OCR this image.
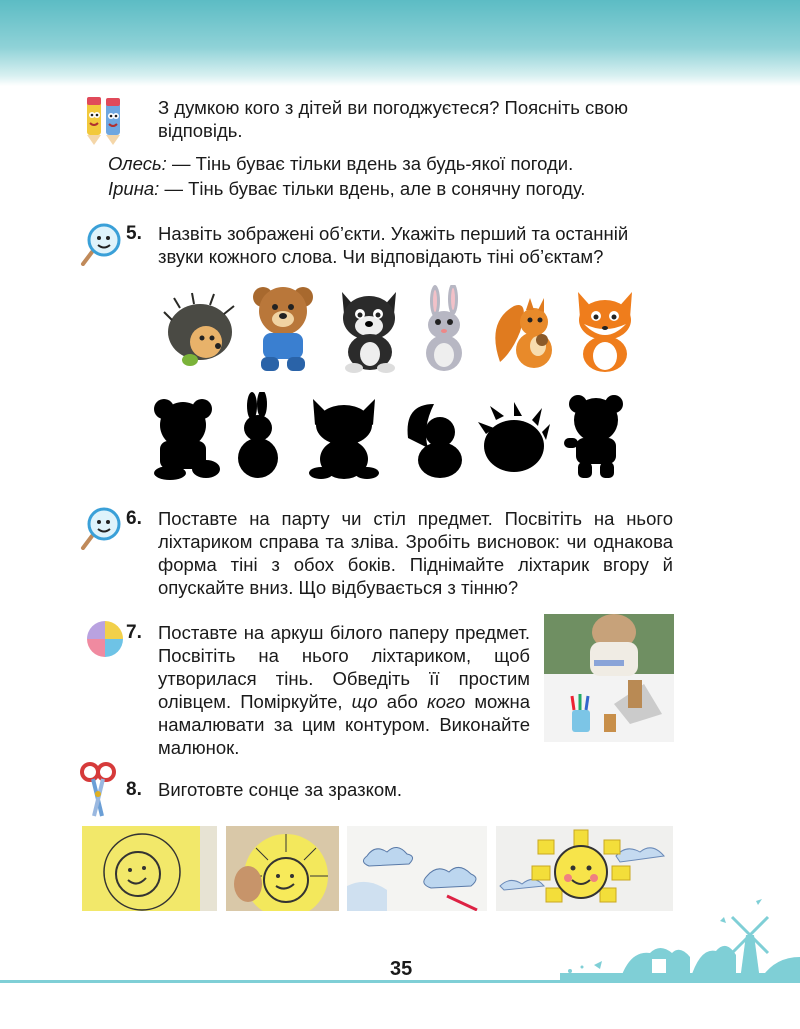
З думкою кого з дітей ви погоджуєтеся? Поясніть свою відповідь.

Олесь: — Тінь буває тільки вдень за будь-якої погоди.

Ірина: — Тінь буває тільки вдень, але в сонячну погоду.

5. Назвіть зображені об’єкти. Укажіть перший та останній звуки кожного слова. Чи відповідають тіні об’єктам?

6. Поставте на парту чи стіл предмет. Посвітіть на нього ліхтариком справа та зліва. Зробіть висновок: чи однакова форма тіні з обох боків. Піднімайте ліхтарик вгору й опускайте вниз. Що відбувається з тінню?

7. Поставте на аркуш білого паперу предмет. Посвітіть на нього ліхтариком, щоб утворилася тінь. Обведіть її простим олівцем. Поміркуйте, що або кого можна намалювати за цим контуром. Виконайте малюнок.

8. Виготовте сонце за зразком.

35
